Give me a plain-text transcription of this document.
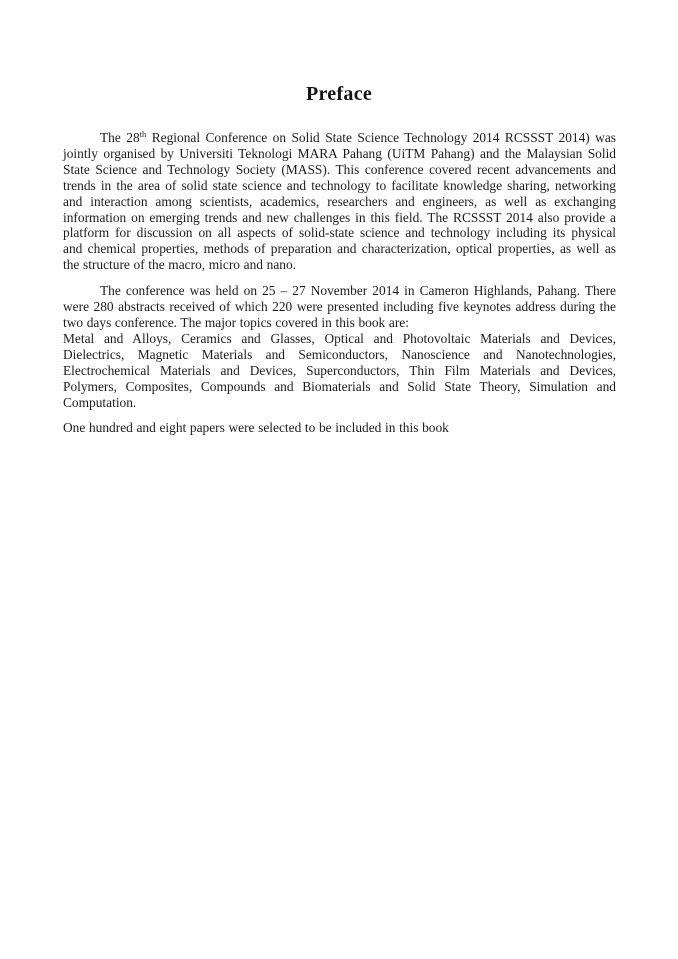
Preface
The 28th Regional Conference on Solid State Science Technology 2014 RCSSST 2014) was
jointly organised by Universiti Teknologi MARA Pahang (UiTM Pahang) and the Malaysian Solid
State Science and Technology Society (MASS). This conference covered recent advancements and
trends in the area of solid state science and technology to facilitate knowledge sharing, networking
and interaction among scientists, academics, researchers and engineers, as well as exchanging
information on emerging trends and new challenges in this field. The RCSSST 2014 also provide a
platform for discussion on all aspects of solid-state science and technology including its physical
and chemical properties, methods of preparation and characterization, optical properties, as well as
the structure of the macro, micro and nano.
The conference was held on 25 – 27 November 2014 in Cameron Highlands, Pahang. There
were 280 abstracts received of which 220 were presented including five keynotes address during the
two days conference. The major topics covered in this book are:
Metal and Alloys, Ceramics and Glasses, Optical and Photovoltaic Materials and Devices,
Dielectrics, Magnetic Materials and Semiconductors, Nanoscience and Nanotechnologies,
Electrochemical Materials and Devices, Superconductors, Thin Film Materials and Devices,
Polymers, Composites, Compounds and Biomaterials and Solid State Theory, Simulation and
Computation.
One hundred and eight papers were selected to be included in this book
